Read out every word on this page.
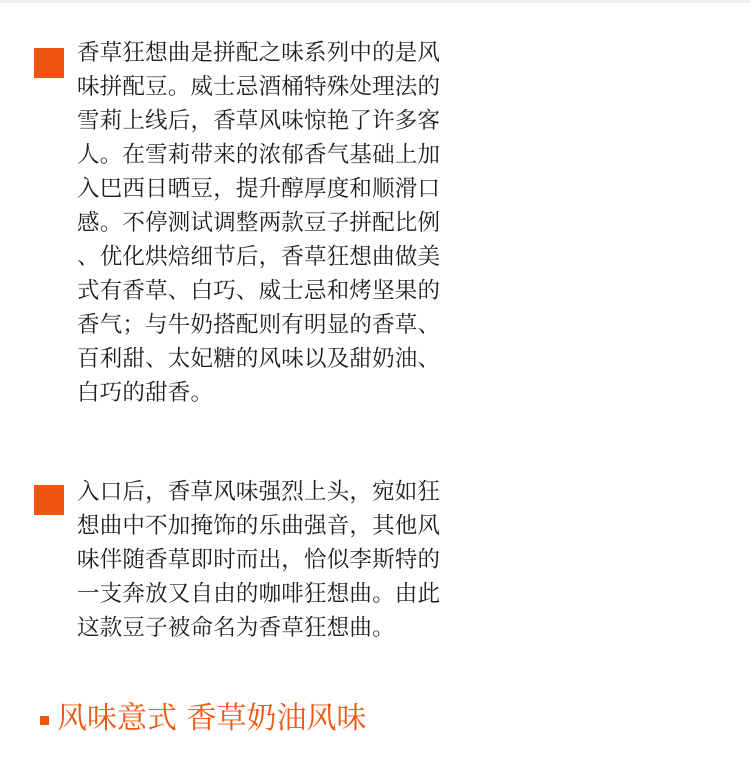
香草狂想曲是拼配之味系列中的是风
味拼配豆。威士忌酒桶特殊处理法的
雪莉上线后，香草风味惊艳了许多客
人。在雪莉带来的浓郁香气基础上加
入巴西日晒豆，提升醇厚度和顺滑口
感。不停测试调整两款豆子拼配比例
、优化烘焙细节后，香草狂想曲做美
式有香草、白巧、威士忌和烤坚果的
香气；与牛奶搭配则有明显的香草、
百利甜、太妃糖的风味以及甜奶油、
白巧的甜香。
入口后，香草风味强烈上头，宛如狂
想曲中不加掩饰的乐曲强音，其他风
味伴随香草即时而出，恰似李斯特的
一支奔放又自由的咖啡狂想曲。由此
这款豆子被命名为香草狂想曲。
风味意式 香草奶油风味
